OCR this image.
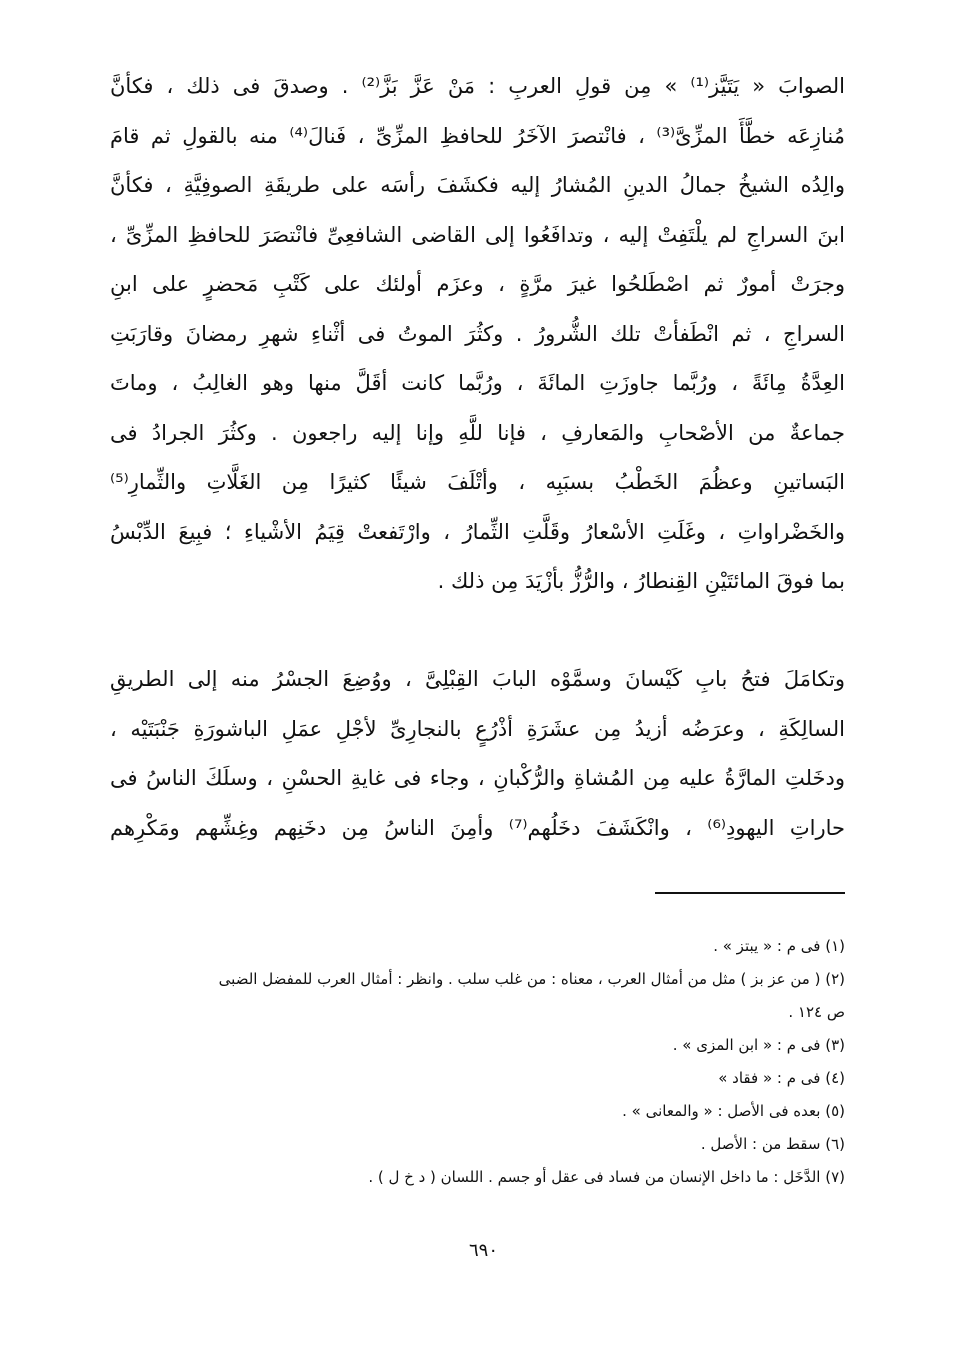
الصوابَ « يَتَيَّز⁽¹⁾ » مِن قولِ العربِ : مَنْ عَزَّ بَزَّ⁽²⁾ . وصدقَ فى ذلك ، فكأنَّ
مُنازِعَه خطَّأَ المزِّىَّ⁽³⁾ ، فانْتصرَ الآخَرُ للحافظِ المزِّىِّ ، فَنالَ⁽⁴⁾ منه بالقولِ ثم قامَ
والِدُه الشيخُ جمالُ الدينِ المُشارُ إليه فكشَفَ رأسَه على طريقَةِ الصوفِيَّةِ ، فكأنَّ
ابنَ السراجِ لم يلْتَفِتْ إليه ، وتدافَعُوا إلى القاضى الشافعِىِّ فانْتصَرَ للحافظِ المزِّىِّ ،
وجرَتْ أمورٌ ثم اصْطَلحُوا غيرَ مرَّةٍ ، وعزَم أولئك على كَتْبِ مَحضرٍ على ابنِ
السراجِ ، ثم انْطَفأتْ تلك الشُّرورُ . وكثُرَ الموتُ فى أثْناءِ شهرِ رمضانَ وقارَبَتِ
العِدَّةُ مِائَةً ، ورُبَّما جاوزَتِ المائَةَ ، ورُبَّما كانت أقَلَّ منها وهو الغالِبُ ، وماتَ
جماعةٌ من الأصْحابِ والمَعارفِ ، فإنا للَّهِ وإنا إليه راجعون . وكثُرَ الجرادُ فى
البَساتينِ وعظُمَ الخَطْبُ بسبَبِه ، وأتْلَفَ شيئًا كثيرًا مِن الغَلَّاتِ والثِّمارِ⁽⁵⁾
والخَضْراواتِ ، وغَلَتِ الأسْعارُ وقَلَّتِ الثِّمارُ ، وارْتَفعتْ قِيَمُ الأشْياءِ ؛ فبِيعَ الدِّبْسُ
بما فوقَ المائتَيْنِ القِنطارُ ، والرُّزُّ بأزْيَدَ مِن ذلك .
وتكامَلَ فتحُ بابِ كَيْسانَ وسمَّوْه البابَ القِبْلِىَّ ، ووُضِعَ الجسْرُ منه إلى الطريقِ
السالِكَةِ ، وعرَضُه أزيدُ مِن عشَرَةِ أذْرُعٍ بالنجارِىِّ لأجْلِ عمَلِ الباشورَةِ جَنْبَتَيْه ،
ودخَلتِ المارَّةُ عليه مِن المُشاةِ والرُّكْبانِ ، وجاء فى غايةِ الحسْنِ ، وسلَكَ الناسُ فى
حاراتِ اليهودِ⁽⁶⁾ ، وانْكَشَفَ دخَلُهم⁽⁷⁾ وأمِنَ الناسُ مِن دخَنِهم وغِشِّهم ومَكْرِهم
(١) فى م : « يبتز » .
(٢) ( من عز بز ) مثل من أمثال العرب ، معناه : من غلب سلب . وانظر : أمثال العرب للمفضل الضبى
ص ١٢٤ .
(٣) فى م : « ابن المزى » .
(٤) فى م : « فقاد »
(٥) بعده فى الأصل : « والمعانى » .
(٦) سقط من : الأصل .
(٧) الدَّخَل : ما داخل الإنسان من فساد فى عقل أو جسم . اللسان ( د خ ل ) .
٦٩٠
